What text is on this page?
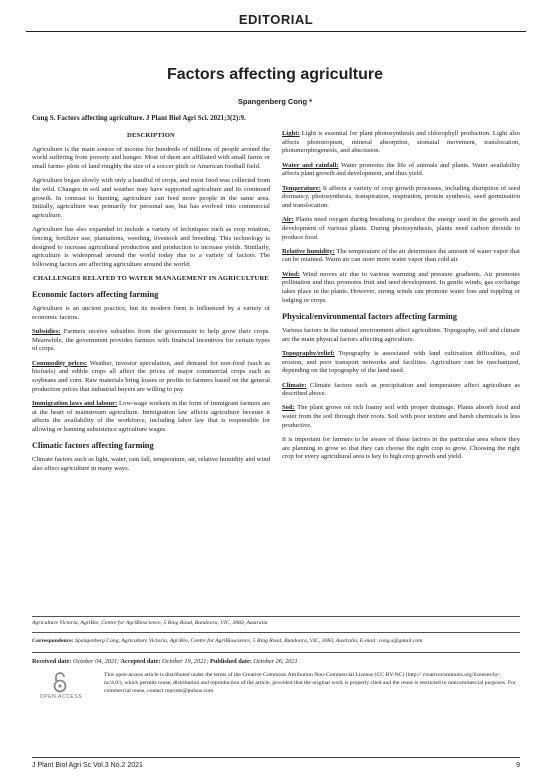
EDITORIAL
Factors affecting agriculture
Spangenberg Cong *
Cong S. Factors affecting agriculture. J Plant Biol Agri Sci. 2021;3(2):9.
DESCRIPTION

Agriculture is the main source of income for hundreds of millions of people around the world suffering from poverty and hunger. Most of them are affiliated with small farms or small farms- plots of land roughly the size of a soccer pitch or American football field.

Agriculture began slowly with only a handful of crops, and most food was collected from the wild. Changes in soil and weather may have supported agriculture and its continued growth. In contrast to hunting, agriculture can feed more people in the same area. Initially, agriculture was primarily for personal use, but has evolved into commercial agriculture.

Agriculture has also expanded to include a variety of techniques such as crop rotation, fencing, fertilizer use, plantations, weeding, livestock and breeding. This technology is designed to increase agricultural production and production to increase yields. Similarly, agriculture is widespread around the world today due to a variety of factors. The following factors are affecting agriculture around the world:

CHALLENGES RELATED TO WATER MANAGEMENT IN AGRICULTURE
Economic factors affecting farming

Agriculture is an ancient practice, but its modern form is influenced by a variety of economic factors.

Subsidies: Farmers receive subsidies from the government to help grow their crops. Meanwhile, the government provides farmers with financial incentives for certain types of crops.

Commodity prices: Weather, investor speculation, and demand for non-food (such as biofuels) and edible crops all affect the prices of major commercial crops such as soybeans and corn. Raw materials bring losses or profits to farmers based on the general production prices that industrial buyers are willing to pay.

Immigration laws and labour: Low-wage workers in the form of immigrant farmers are at the heart of mainstream agriculture. Immigration law affects agriculture because it affects the availability of the workforce, including labor law that is responsible for allowing or banning subsistence agriculture wages.

Climatic factors affecting farming

Climate factors such as light, water, rain fall, temperature, air, relative humidity and wind also affect agriculture in many ways.

Light: Light is essential for plant photosynthesis and chlorophyll production. Light also affects phototropism, mineral absorption, stomatal movement, translocation, photomorphogenesis, and abscission.

Water and rainfall: Water promotes the life of animals and plants. Water availability affects plant growth and development, and thus yield.

Temperature: It affects a variety of crop growth processes, including disruption of seed dormancy, photosynthesis, transpiration, respiration, protein synthesis, seed germination and translocation.

Air: Plants need oxygen during breathing to produce the energy used in the growth and development of various plants. During photosynthesis, plants need carbon dioxide to produce food.

Relative humidity: The temperature of the air determines the amount of water vapor that can be retained. Warm air can store more water vapor than cold air.

Wind: Wind moves air due to various warming and pressure gradients. Air promotes pollination and thus promotes fruit and seed development. In gentle winds, gas exchange takes place in the plants. However, strong winds can promote water loss and toppling or lodging or crops.

Physical/environmental factors affecting farming

Various factors in the natural environment affect agriculture. Topography, soil and climate are the main physical factors affecting agriculture.

Topography/relief: Topography is associated with land cultivation difficulties, soil erosion, and poor transport networks and facilities. Agriculture can be mechanized, depending on the topography of the land used.

Climate: Climate factors such as precipitation and temperature affect agriculture as described above.

Soil: The plant grows on rich loamy soil with proper drainage. Plants absorb food and water from the soil through their roots. Soil with poor texture and harsh chemicals is less productive.

It is important for farmers to be aware of these factors in the particular area where they are planning to grow so that they can choose the right crop to grow. Choosing the right crop for every agricultural area is key to high crop growth and yield.

Agriculture Victoria, AgriBio, Centre for AgriBioscience, 5 Ring Road, Bundoora, VIC, 3083, Australia
Correspondence: Spangenberg Cong, Agriculture Victoria, AgriBio, Centre for AgriBioscience, 5 Ring Road, Bundoora, VIC, 3083, Australia, E-mail: cong.s@gmail.com
Received date: October 04, 2021; Accepted date: October 19, 2021; Published date: October 26, 2021
OPEN ACCESS
This open-access article is distributed under the terms of the Creative Commons Attribution Non-Commercial License (CC BY-NC) (http:// creativecommons.org/licenses/by-nc/4.0/), which permits reuse, distribution and reproduction of the article, provided that the original work is properly cited and the reuse is restricted to noncommercial purposes. For commercial reuse, contact reprints@pulsus.com
J Plant Biol Agri Sc Vol.3 No.2 2021	9
